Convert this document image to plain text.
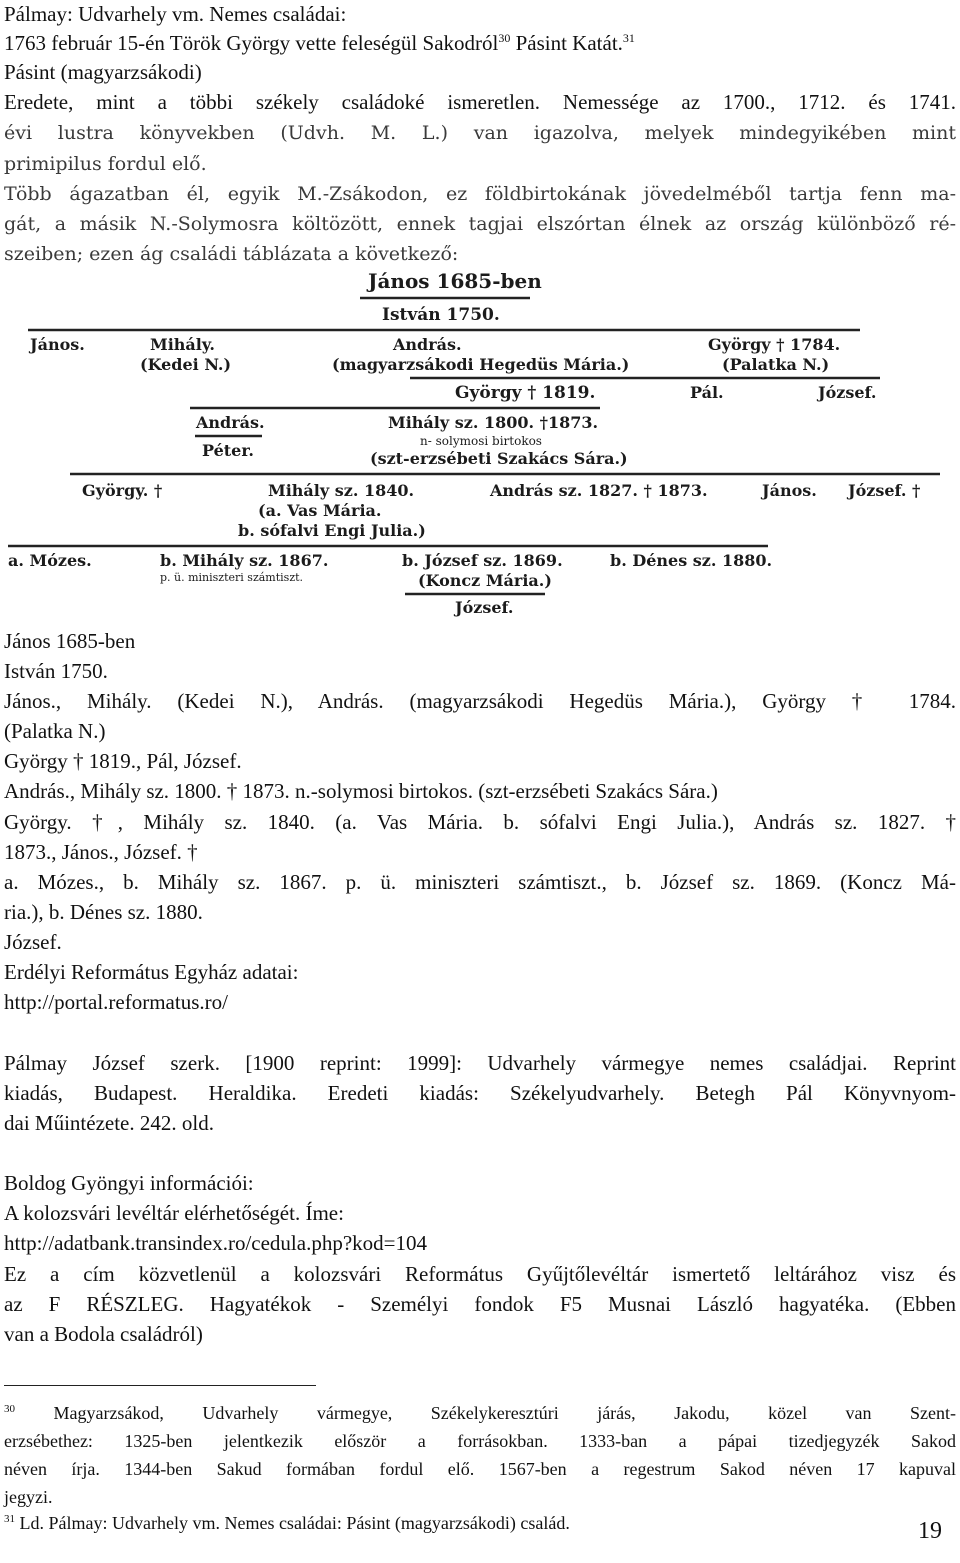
Pálmay: Udvarhely vm. Nemes családai:
1763 február 15-én Török György vette feleségül Sakodról$^{30}$ Pásint Katát.$^{31}$
Pásint (magyarzsákodi)
Eredete, mint a többi székely családoké ismeretlen. Nemessége az 1700., 1712. és 1741.
évi lustra könyvekben (Udvh. M. L.) van igazolva, melyek mindegyikében mint
primipilus fordul elő.
Több ágazatban él, egyik M.-Zsákodon, ez földbirtokának jövedelméből tartja fenn ma-
gát, a másik N.-Solymosra költözött, ennek tagjai elszórtan élnek az ország különböző ré-
szeiben; ezen ág családi táblázata a következő:
János 1685-ben
István 1750.
János.	Mihály.
(Kedei N.)
András.
(magyarzsákodi Hegedüs Mária.)
György † 1784.
(Palatka N.)
György † 1819.	Pál.	József.
András.
Péter.
Mihály sz. 1800. †1873.
n- solymosi birtokos
(szt-erzsébeti Szakács Sára.)
György. †	Mihály sz. 1840.
(a. Vas Mária.
b. sófalvi Engi Julia.)
András sz. 1827. † 1873.	János. József. †
a. Mózes.	b. Mihály sz. 1867.
p. ü. miniszteri számtiszt.
b. József sz. 1869.
(Koncz Mária.)
b. Dénes sz. 1880.
József.
János 1685-ben
István 1750.
János., Mihály. (Kedei N.), András. (magyarzsákodi Hegedüs Mária.), György † 1784.
(Palatka N.)
György † 1819., Pál, József.
András., Mihály sz. 1800. † 1873. n.-solymosi birtokos. (szt-erzsébeti Szakács Sára.)
György. †, Mihály sz. 1840. (a. Vas Mária. b. sófalvi Engi Julia.), András sz. 1827. †
1873., János., József. †
a. Mózes., b. Mihály sz. 1867. p. ü. miniszteri számtiszt., b. József sz. 1869. (Koncz Má-
ria.), b. Dénes sz. 1880.
József.
Erdélyi Református Egyház adatai:
http://portal.reformatus.ro/
Pálmay József szerk. [1900 reprint: 1999]: Udvarhely vármegye nemes családjai. Reprint
kiadás, Budapest. Heraldika. Eredeti kiadás: Székelyudvarhely. Betegh Pál Könyvnyom-
dai Műintézete. 242. old.
Boldog Gyöngyi információi:
A kolozsvári levéltár elérhetőségét. Íme:
http://adatbank.transindex.ro/cedula.php?kod=104
Ez a cím közvetlenül a kolozsvári Református Gyűjtőlevéltár ismertető leltárához visz és
az F RÉSZLEG. Hagyatékok - Személyi fondok F5 Musnai László hagyatéka. (Ebben
van a Bodola családról)
$^{30}$ Magyarzsákod, Udvarhely vármegye, Székelykeresztúri járás, Jakodu, közel van Szent-
erzsébethez: 1325-ben jelentkezik először a forrásokban. 1333-ban a pápai tizedjegyzék Sakod
néven írja. 1344-ben Sakud formában fordul elő. 1567-ben a regestrum Sakod néven 17 kapuval
jegyzi.
$^{31}$ Ld. Pálmay: Udvarhely vm. Nemes családai: Pásint (magyarzsákodi) család.	19
